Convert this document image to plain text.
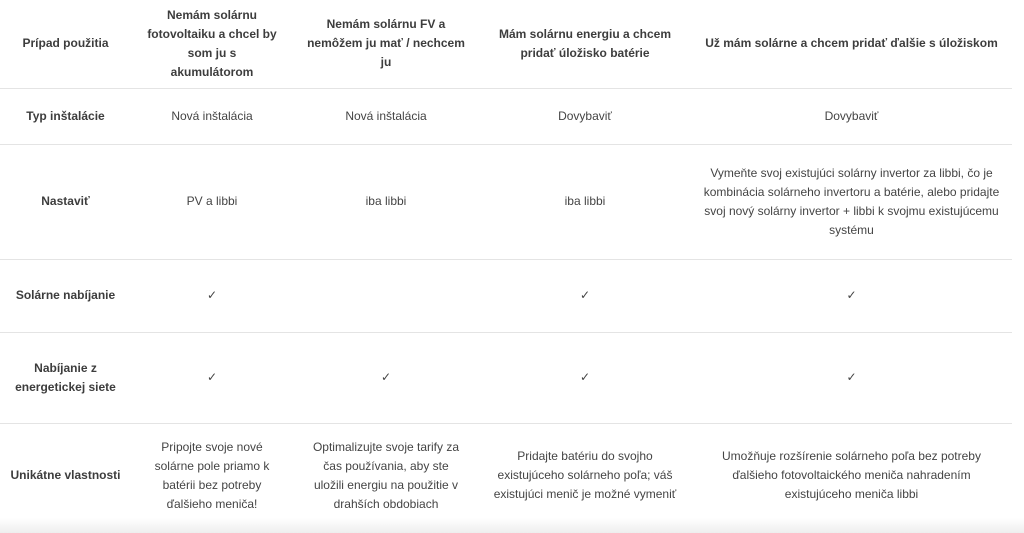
Prípad použitia	Nemám solárnu fotovoltaiku a chcel by som ju s akumulátorom	Nemám solárnu FV a nemôžem ju mať / nechcem ju	Mám solárnu energiu a chcem pridať úložisko batérie	Už mám solárne a chcem pridať ďalšie s úložiskom
Typ inštalácie	Nová inštalácia	Nová inštalácia	Dovybaviť	Dovybaviť
Nastaviť	PV a libbi	iba libbi	iba libbi	Vymeňte svoj existujúci solárny invertor za libbi, čo je kombinácia solárneho invertoru a batérie, alebo pridajte svoj nový solárny invertor + libbi k svojmu existujúcemu systému
Solárne nabíjanie	✓		✓	✓
Nabíjanie z energetickej siete	✓	✓	✓	✓
Unikátne vlastnosti	Pripojte svoje nové solárne pole priamo k batérii bez potreby ďalšieho meniča!	Optimalizujte svoje tarify za čas používania, aby ste uložili energiu na použitie v drahších obdobiach	Pridajte batériu do svojho existujúceho solárneho poľa; váš existujúci menič je možné vymeniť	Umožňuje rozšírenie solárneho poľa bez potreby ďalšieho fotovoltaického meniča nahradením existujúceho meniča libbi
